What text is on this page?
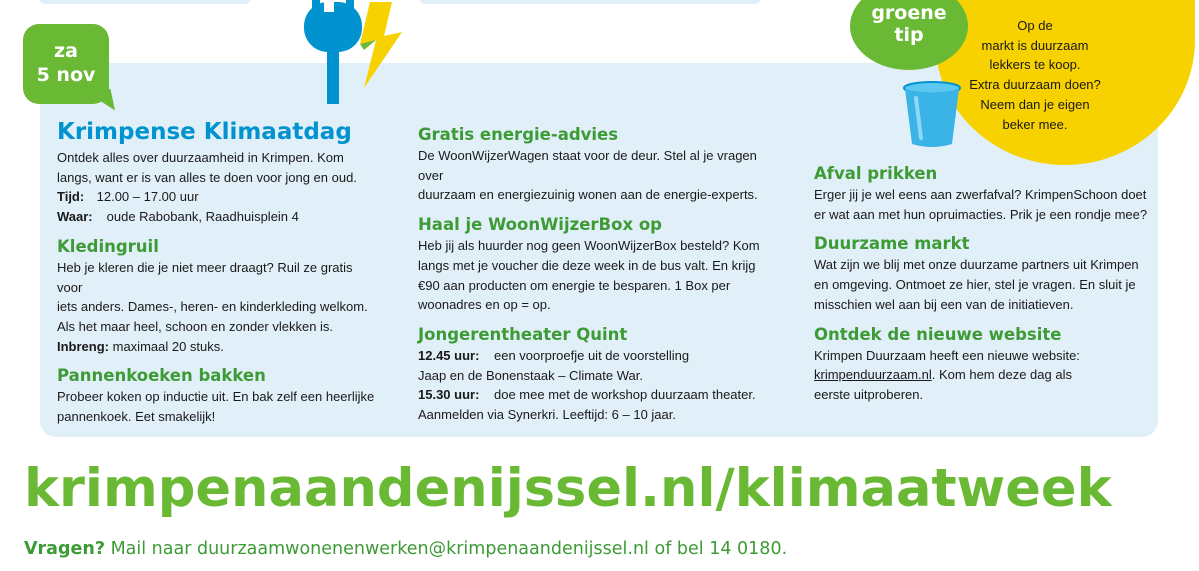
za
5 nov
groene
tip	Op de
markt is duurzaam
lekkers te koop.
Extra duurzaam doen?
Neem dan je eigen
beker mee.
Krimpense Klimaatdag
Ontdek alles over duurzaamheid in Krimpen. Kom
langs, want er is van alles te doen voor jong en oud.
Tijd: 12.00 – 17.00 uur
Waar: oude Rabobank, Raadhuisplein 4
Kledingruil
Heb je kleren die je niet meer draagt? Ruil ze gratis voor
iets anders. Dames-, heren- en kinderkleding welkom.
Als het maar heel, schoon en zonder vlekken is.
Inbreng: maximaal 20 stuks.
Pannenkoeken bakken
Probeer koken op inductie uit. En bak zelf een heerlijke
pannenkoek. Eet smakelijk!
Gratis energie-advies
De WoonWijzerWagen staat voor de deur. Stel al je vragen over
duurzaam en energiezuinig wonen aan de energie-experts.
Haal je WoonWijzerBox op
Heb jij als huurder nog geen WoonWijzerBox besteld? Kom
langs met je voucher die deze week in de bus valt. En krijg
€90 aan producten om energie te besparen. 1 Box per
woonadres en op = op.
Jongerentheater Quint
12.45 uur: een voorproefje uit de voorstelling
Jaap en de Bonenstaak – Climate War.
15.30 uur: doe mee met de workshop duurzaam theater.
Aanmelden via Synerkri. Leeftijd: 6 – 10 jaar.
Afval prikken
Erger jij je wel eens aan zwerfafval? KrimpenSchoon doet
er wat aan met hun opruimacties. Prik je een rondje mee?
Duurzame markt
Wat zijn we blij met onze duurzame partners uit Krimpen
en omgeving. Ontmoet ze hier, stel je vragen. En sluit je
misschien wel aan bij een van de initiatieven.
Ontdek de nieuwe website
Krimpen Duurzaam heeft een nieuwe website:
krimpenduurzaam.nl. Kom hem deze dag als
eerste uitproberen.
krimpenaandenijssel.nl/klimaatweek
Vragen? Mail naar duurzaamwonenenwerken@krimpenaandenijssel.nl of bel 14 0180.
